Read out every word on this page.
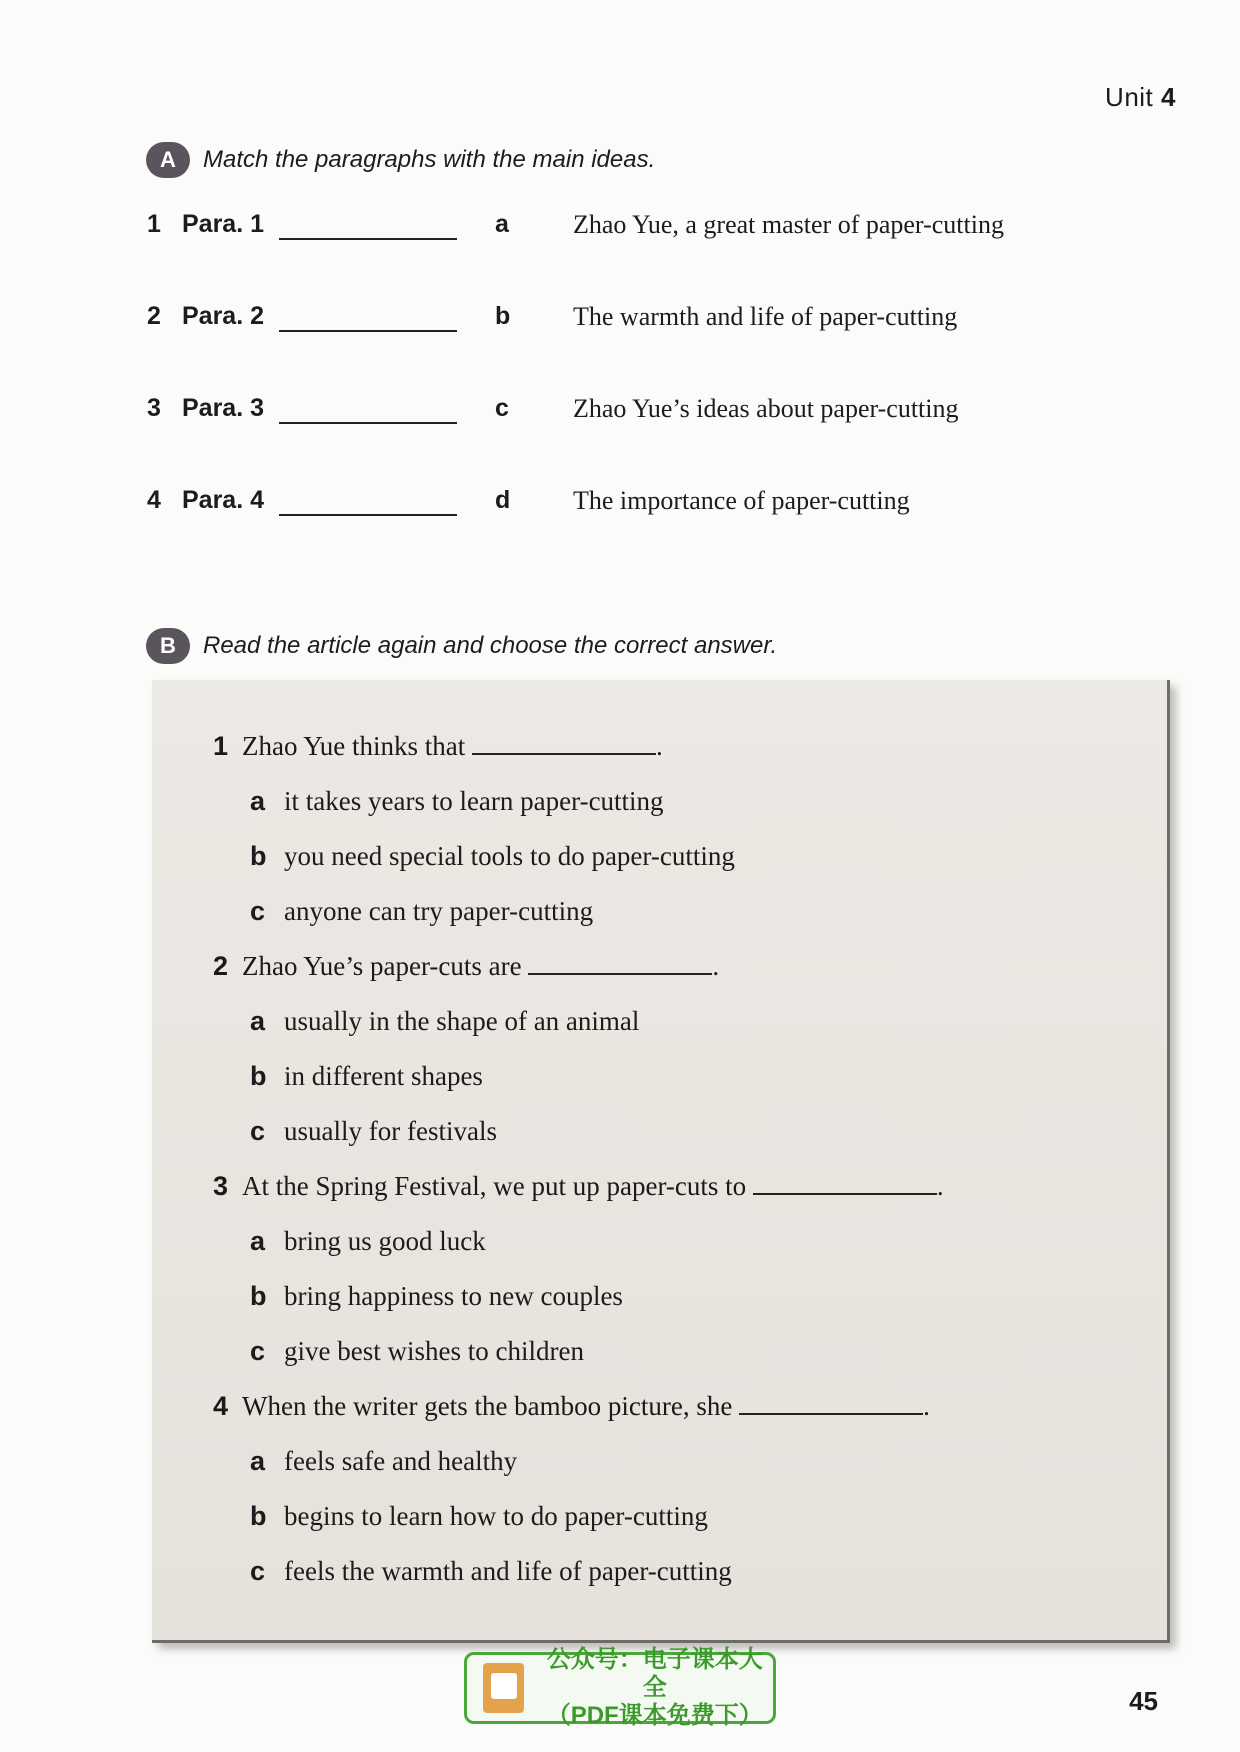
Unit 4
A	Match the paragraphs with the main ideas.
1 Para. 1	a Zhao Yue, a great master of paper-cutting
2 Para. 2	b The warmth and life of paper-cutting
3 Para. 3	c Zhao Yue’s ideas about paper-cutting
4 Para. 4	d The importance of paper-cutting
B	Read the article again and choose the correct answer.
1 Zhao Yue thinks that	.
a it takes years to learn paper-cutting
b you need special tools to do paper-cutting
c anyone can try paper-cutting
2 Zhao Yue’s paper-cuts are	.
a usually in the shape of an animal
b in different shapes
c usually for festivals
3 At the Spring Festival, we put up paper-cuts to	.
a bring us good luck
b bring happiness to new couples
c give best wishes to children
4 When the writer gets the bamboo picture, she	.
a feels safe and healthy
b begins to learn how to do paper-cutting
c feels the warmth and life of paper-cutting
公众号：电子课本大全
（PDF课本免费下）	45
